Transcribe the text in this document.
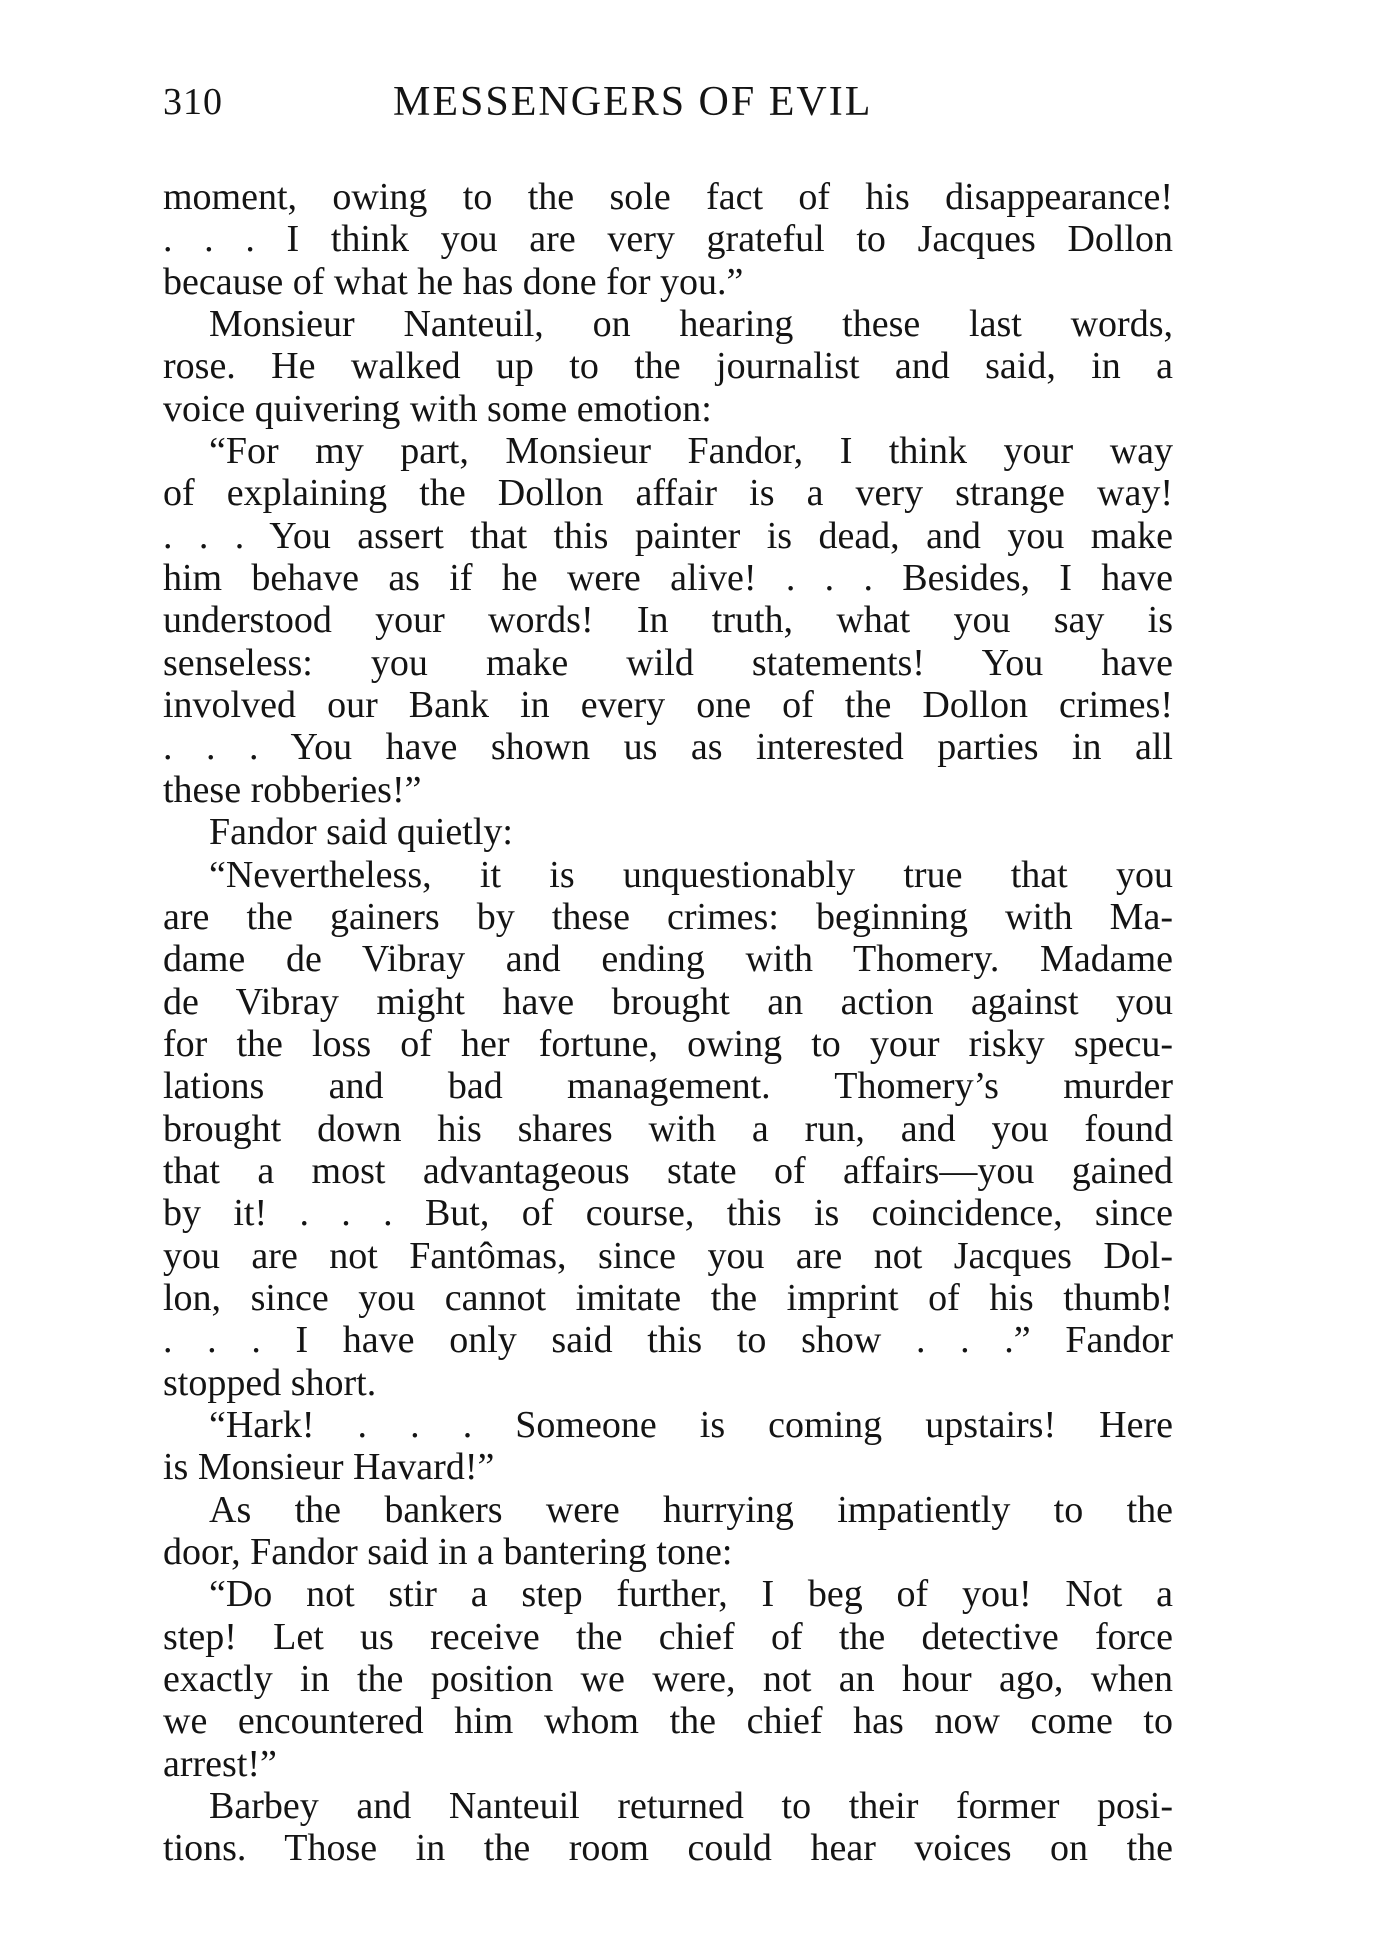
310	MESSENGERS OF EVIL
moment, owing to the sole fact of his disappearance!
. . . I think you are very grateful to Jacques Dollon
because of what he has done for you.”
Monsieur Nanteuil, on hearing these last words,
rose. He walked up to the journalist and said, in a
voice quivering with some emotion:
“For my part, Monsieur Fandor, I think your way
of explaining the Dollon affair is a very strange way!
. . . You assert that this painter is dead, and you make
him behave as if he were alive! . . . Besides, I have
understood your words! In truth, what you say is
senseless: you make wild statements! You have
involved our Bank in every one of the Dollon crimes!
. . . You have shown us as interested parties in all
these robberies!”
Fandor said quietly:
“Nevertheless, it is unquestionably true that you
are the gainers by these crimes: beginning with Ma-
dame de Vibray and ending with Thomery. Madame
de Vibray might have brought an action against you
for the loss of her fortune, owing to your risky specu-
lations and bad management. Thomery’s murder
brought down his shares with a run, and you found
that a most advantageous state of affairs—you gained
by it! . . . But, of course, this is coincidence, since
you are not Fantômas, since you are not Jacques Dol-
lon, since you cannot imitate the imprint of his thumb!
. . . I have only said this to show . . .” Fandor
stopped short.
“Hark! . . . Someone is coming upstairs! Here
is Monsieur Havard!”
As the bankers were hurrying impatiently to the
door, Fandor said in a bantering tone:
“Do not stir a step further, I beg of you! Not a
step! Let us receive the chief of the detective force
exactly in the position we were, not an hour ago, when
we encountered him whom the chief has now come to
arrest!”
Barbey and Nanteuil returned to their former posi-
tions. Those in the room could hear voices on the
